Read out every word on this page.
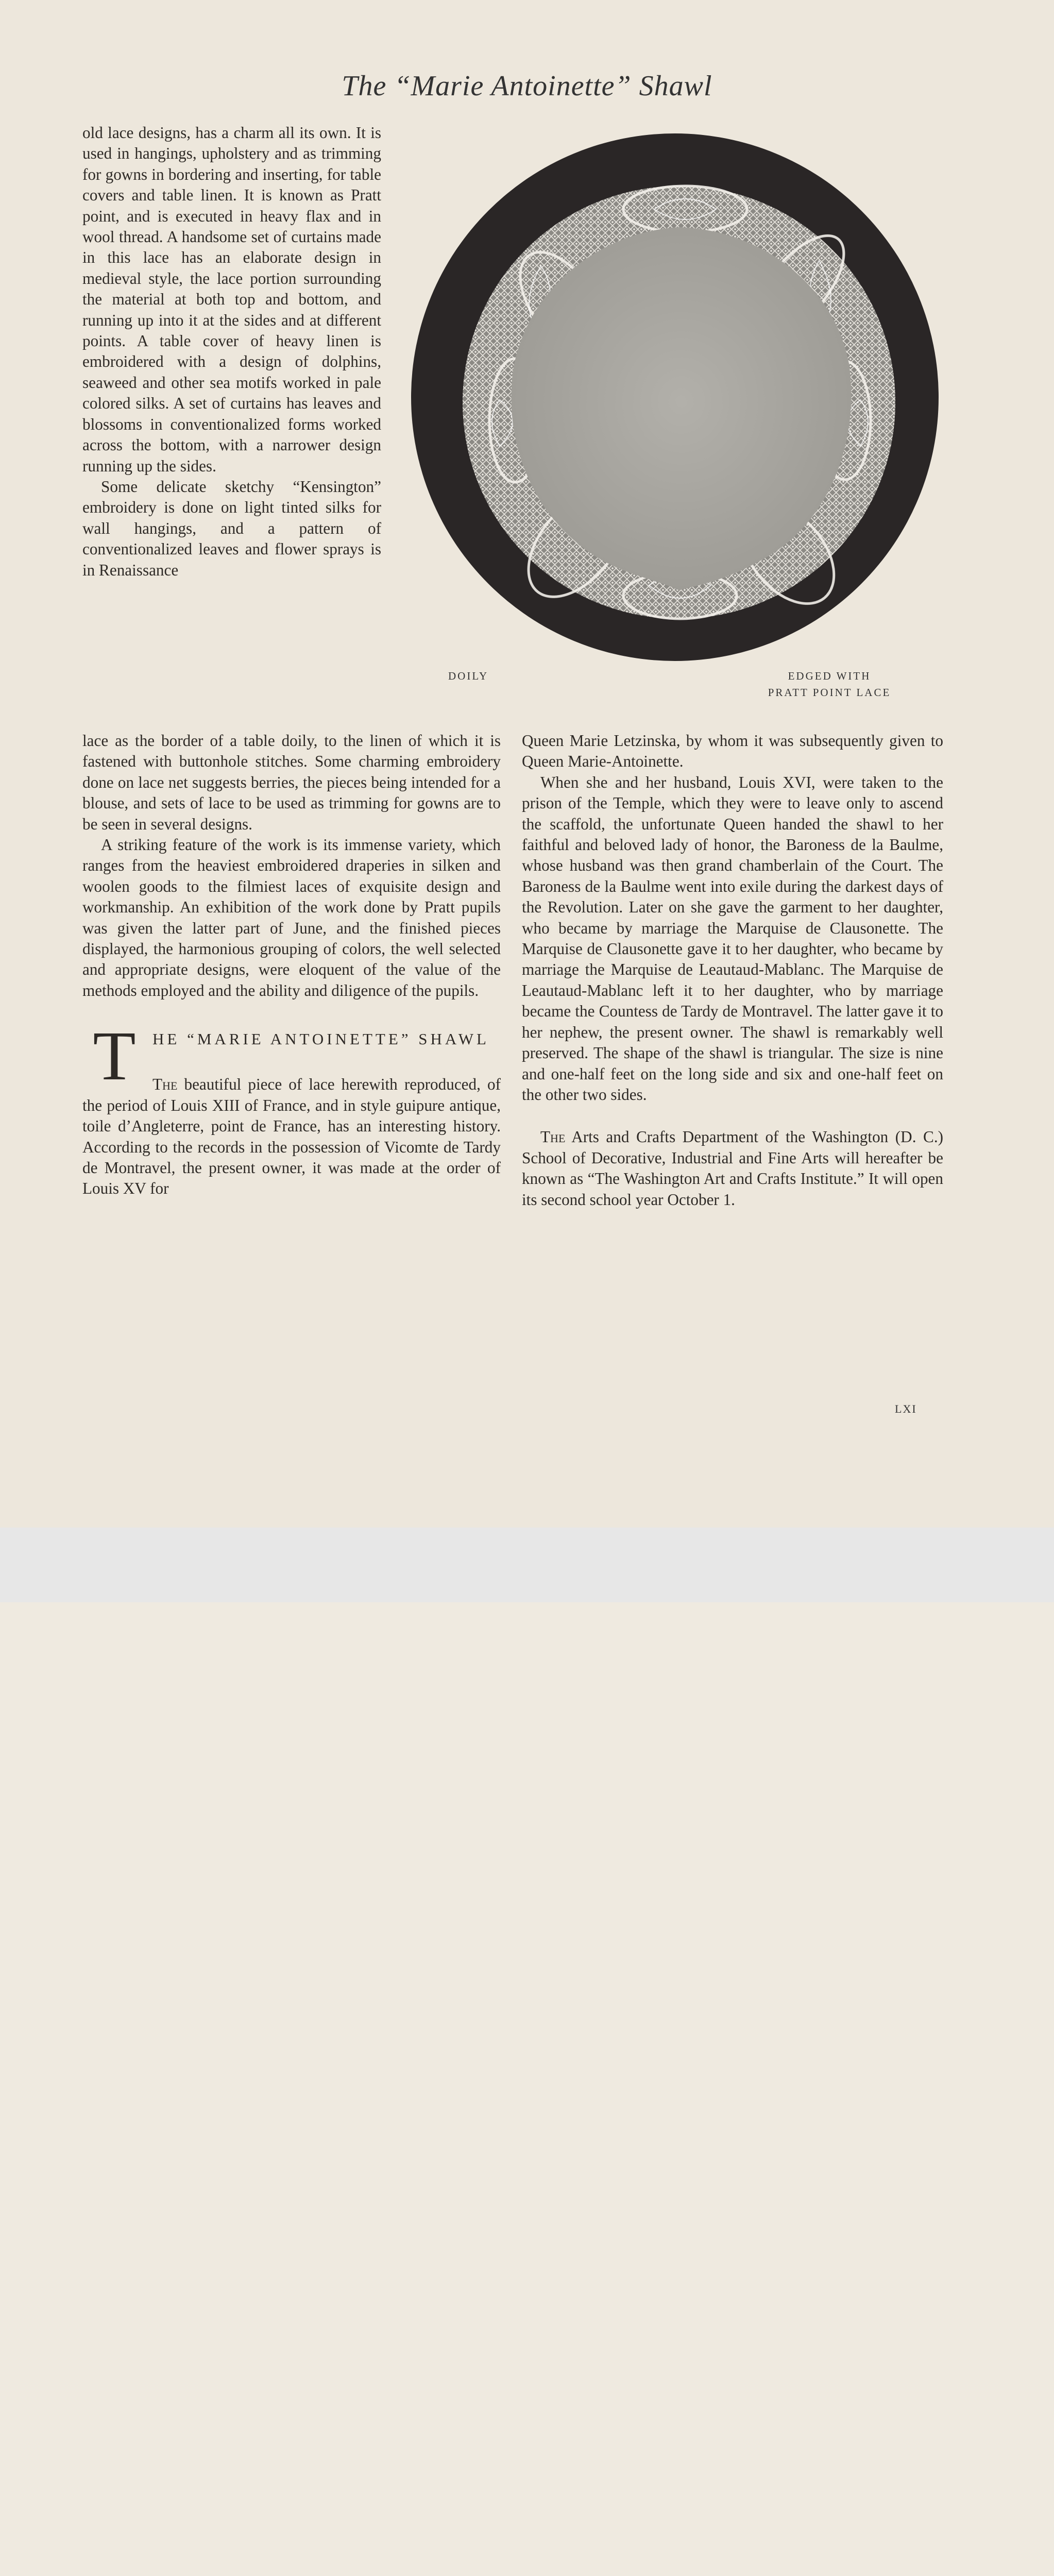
The “Marie Antoinette” Shawl

old lace designs, has a charm all its own. It is used in hangings, upholstery and as trimming for gowns in bordering and inserting, for table covers and table linen. It is known as Pratt point, and is executed in heavy flax and in wool thread. A handsome set of curtains made in this lace has an elaborate design in medieval style, the lace portion surrounding the material at both top and bottom, and running up into it at the sides and at different points. A table cover of heavy linen is embroidered with a design of dolphins, seaweed and other sea motifs worked in pale colored silks. A set of curtains has leaves and blossoms in conventionalized forms worked across the bottom, with a narrower design running up the sides.

Some delicate sketchy “Kensington” embroidery is done on light tinted silks for wall hangings, and a pattern of conventionalized leaves and flower sprays is in Renaissance

DOILY	EDGED WITH
PRATT POINT LACE

lace as the border of a table doily, to the linen of which it is fastened with buttonhole stitches. Some charming embroidery done on lace net suggests berries, the pieces being intended for a blouse, and sets of lace to be used as trimming for gowns are to be seen in several designs.

A striking feature of the work is its immense variety, which ranges from the heaviest embroidered draperies in silken and woolen goods to the filmiest laces of exquisite design and workmanship. An exhibition of the work done by Pratt pupils was given the latter part of June, and the finished pieces displayed, the harmonious grouping of colors, the well selected and appropriate designs, were eloquent of the value of the methods employed and the ability and diligence of the pupils.

T	HE “MARIE ANTOINETTE” SHAWL

The beautiful piece of lace herewith reproduced, of the period of Louis XIII of France, and in style guipure antique, toile d’Angleterre, point de France, has an interesting history. According to the records in the possession of Vicomte de Tardy de Montravel, the present owner, it was made at the order of Louis XV for

Queen Marie Letzinska, by whom it was subsequently given to Queen Marie-Antoinette.

When she and her husband, Louis XVI, were taken to the prison of the Temple, which they were to leave only to ascend the scaffold, the unfortunate Queen handed the shawl to her faithful and beloved lady of honor, the Baroness de la Baulme, whose husband was then grand chamberlain of the Court. The Baroness de la Baulme went into exile during the darkest days of the Revolution. Later on she gave the garment to her daughter, who became by marriage the Marquise de Clausonette. The Marquise de Clausonette gave it to her daughter, who became by marriage the Marquise de Leautaud-Mablanc. The Marquise de Leautaud-Mablanc left it to her daughter, who by marriage became the Countess de Tardy de Montravel. The latter gave it to her nephew, the present owner. The shawl is remarkably well preserved. The shape of the shawl is triangular. The size is nine and one-half feet on the long side and six and one-half feet on the other two sides.

The Arts and Crafts Department of the Washington (D. C.) School of Decorative, Industrial and Fine Arts will hereafter be known as “The Washington Art and Crafts Institute.” It will open its second school year October 1.

LXI
